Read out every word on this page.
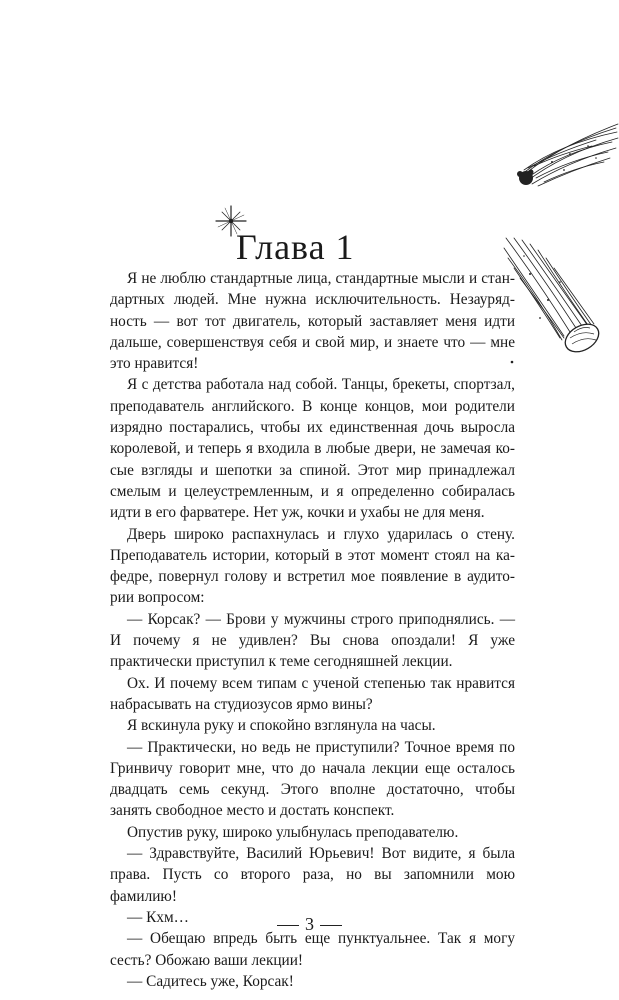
Глава 1

Я не люблю стандартные лица, стандартные мысли и стандартных людей. Мне нужна исключительность. Незаурядность — вот тот двигатель, который заставляет меня идти дальше, совершенствуя себя и свой мир, и знаете что — мне это нравится!

Я с детства работала над собой. Танцы, брекеты, спортзал, преподаватель английского. В конце концов, мои родители изрядно постарались, чтобы их единственная дочь выросла королевой, и теперь я входила в любые двери, не замечая косые взгляды и шепотки за спиной. Этот мир принадлежал смелым и целеустремленным, и я определенно собиралась идти в его фарватере. Нет уж, кочки и ухабы не для меня.

Дверь широко распахнулась и глухо ударилась о стену. Преподаватель истории, который в этот момент стоял на кафедре, повернул голову и встретил мое появление в аудитории вопросом:

— Корсак? — Брови у мужчины строго приподнялись. — И почему я не удивлен? Вы снова опоздали! Я уже практически приступил к теме сегодняшней лекции.

Ох. И почему всем типам с ученой степенью так нравится набрасывать на студиозусов ярмо вины?

Я вскинула руку и спокойно взглянула на часы.

— Практически, но ведь не приступили? Точное время по Гринвичу говорит мне, что до начала лекции еще осталось двадцать семь секунд. Этого вполне достаточно, чтобы занять свободное место и достать конспект.

Опустив руку, широко улыбнулась преподавателю.

— Здравствуйте, Василий Юрьевич! Вот видите, я была права. Пусть со второго раза, но вы запомнили мою фамилию!

— Кхм…

— Обещаю впредь быть еще пунктуальнее. Так я могу сесть? Обожаю ваши лекции!

— Садитесь уже, Корсак!

3
